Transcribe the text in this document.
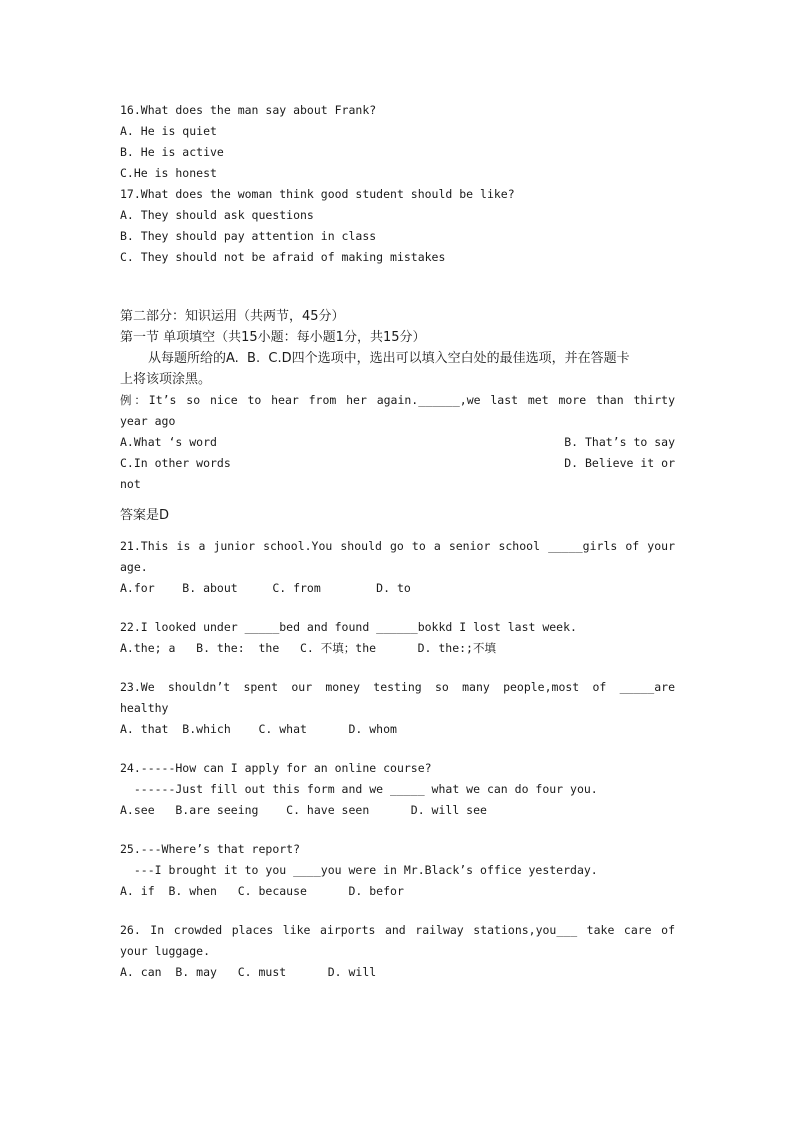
16.What does the man say about Frank?
A. He is quiet
B. He is active
C.He is honest
17.What does the woman think good student should be like?
A. They should ask questions
B. They should pay attention in class
C. They should not be afraid of making mistakes
第二部分：知识运用（共两节，45分）
第一节 单项填空（共15小题：每小题1分，共15分）
从每题所给的A.  B.  C.D四个选项中，选出可以填入空白处的最佳选项，并在答题卡
上将该项涂黑。
例：It’s so nice to hear from her again.______,we last met more than thirty
year ago
A.What ‘s word	B. That’s to say
C.In other words	D. Believe it or
not
答案是D
21.This is a junior school.You should go to a senior school _____girls of your
age.
A.for    B. about     C. from        D. to
22.I looked under _____bed and found ______bokkd I lost last week.
A.the; a   B. the:  the   C. 不填；the      D. the:;不填
23.We shouldn’t spent our money testing so many people,most of _____are
healthy
A. that  B.which    C. what      D. whom
24.-----How can I apply for an online course?
------Just fill out this form and we _____ what we can do four you.
A.see   B.are seeing    C. have seen      D. will see
25.---Where’s that report?
---I brought it to you ____you were in Mr.Black’s office yesterday.
A. if  B. when   C. because      D. befor
26. In crowded places like airports and railway stations,you___ take care of
your luggage.
A. can  B. may   C. must      D. will
